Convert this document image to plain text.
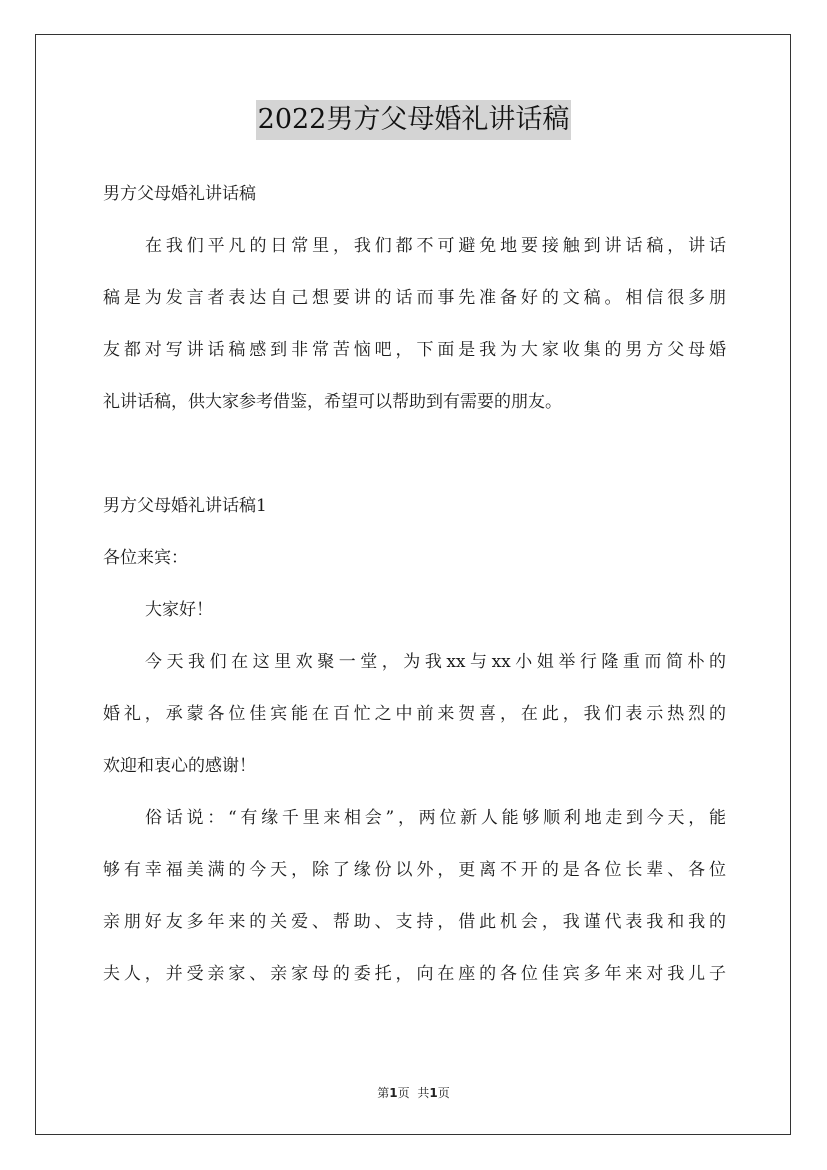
2022男方父母婚礼讲话稿
男方父母婚礼讲话稿
在我们平凡的日常里，我们都不可避免地要接触到讲话稿，讲话
稿是为发言者表达自己想要讲的话而事先准备好的文稿。相信很多朋
友都对写讲话稿感到非常苦恼吧，下面是我为大家收集的男方父母婚
礼讲话稿，供大家参考借鉴，希望可以帮助到有需要的朋友。
男方父母婚礼讲话稿1
各位来宾：
大家好！
今天我们在这里欢聚一堂，为我xx与xx小姐举行隆重而简朴的
婚礼，承蒙各位佳宾能在百忙之中前来贺喜，在此，我们表示热烈的
欢迎和衷心的感谢！
俗话说：“有缘千里来相会”，两位新人能够顺利地走到今天，能
够有幸福美满的今天，除了缘份以外，更离不开的是各位长辈、各位
亲朋好友多年来的关爱、帮助、支持，借此机会，我谨代表我和我的
夫人，并受亲家、亲家母的委托，向在座的各位佳宾多年来对我儿子
第1页 共1页
